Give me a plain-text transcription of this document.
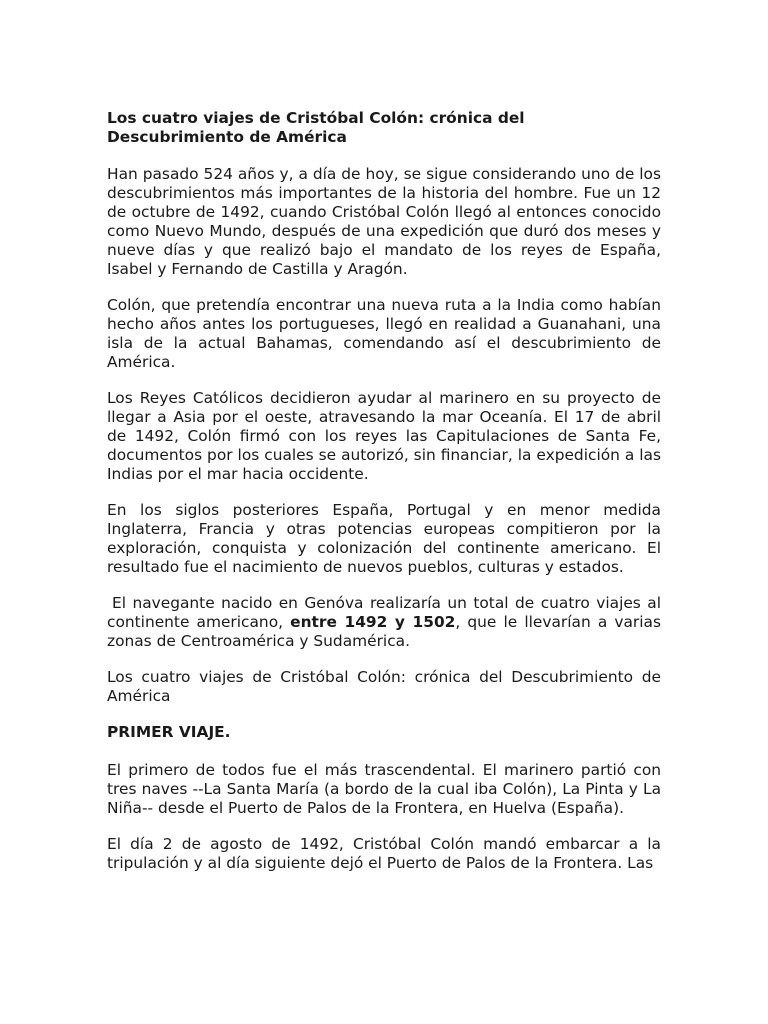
Los cuatro viajes de Cristóbal Colón: crónica del Descubrimiento de América

Han pasado 524 años y, a día de hoy, se sigue considerando uno de los descubrimientos más importantes de la historia del hombre. Fue un 12 de octubre de 1492, cuando Cristóbal Colón llegó al entonces conocido como Nuevo Mundo, después de una expedición que duró dos meses y nueve días y que realizó bajo el mandato de los reyes de España, Isabel y Fernando de Castilla y Aragón.

Colón, que pretendía encontrar una nueva ruta a la India como habían hecho años antes los portugueses, llegó en realidad a Guanahani, una isla de la actual Bahamas, comendando así el descubrimiento de América.

Los Reyes Católicos decidieron ayudar al marinero en su proyecto de llegar a Asia por el oeste, atravesando la mar Oceanía. El 17 de abril de 1492, Colón firmó con los reyes las Capitulaciones de Santa Fe, documentos por los cuales se autorizó, sin financiar, la expedición a las Indias por el mar hacia occidente.

En los siglos posteriores España, Portugal y en menor medida Inglaterra, Francia y otras potencias europeas compitieron por la exploración, conquista y colonización del continente americano. El resultado fue el nacimiento de nuevos pueblos, culturas y estados.

El navegante nacido en Genóva realizaría un total de cuatro viajes al continente americano, entre 1492 y 1502, que le llevarían a varias zonas de Centroamérica y Sudamérica.

Los cuatro viajes de Cristóbal Colón: crónica del Descubrimiento de América

PRIMER VIAJE.

El primero de todos fue el más trascendental. El marinero partió con tres naves --La Santa María (a bordo de la cual iba Colón), La Pinta y La Niña-- desde el Puerto de Palos de la Frontera, en Huelva (España).

El día 2 de agosto de 1492, Cristóbal Colón mandó embarcar a la tripulación y al día siguiente dejó el Puerto de Palos de la Frontera. Las
